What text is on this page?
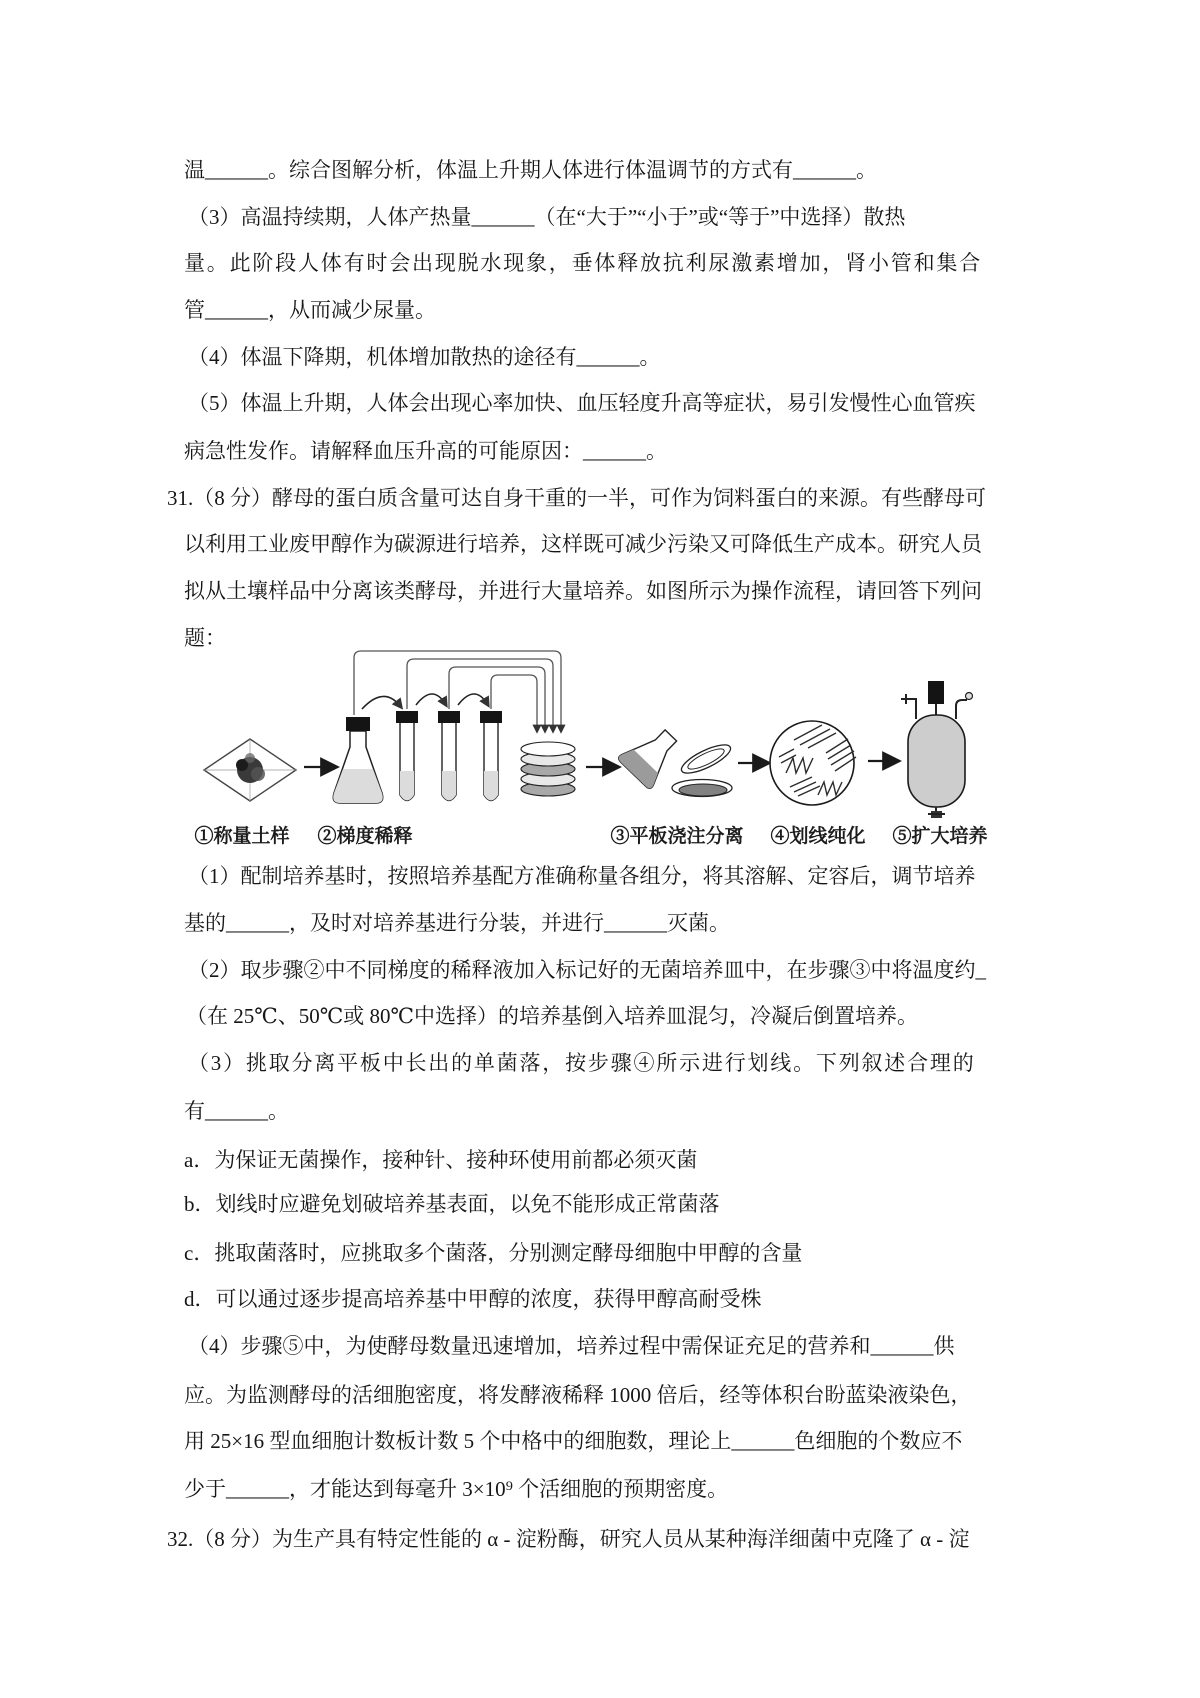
温______。综合图解分析，体温上升期人体进行体温调节的方式有______。
（3）高温持续期，人体产热量______（在“大于”“小于”或“等于”中选择）散热
量。此阶段人体有时会出现脱水现象，垂体释放抗利尿激素增加，肾小管和集合
管______，从而减少尿量。
（4）体温下降期，机体增加散热的途径有______。
（5）体温上升期，人体会出现心率加快、血压轻度升高等症状，易引发慢性心血管疾
病急性发作。请解释血压升高的可能原因：______。
31.（8 分）酵母的蛋白质含量可达自身干重的一半，可作为饲料蛋白的来源。有些酵母可
以利用工业废甲醇作为碳源进行培养，这样既可减少污染又可降低生产成本。研究人员
拟从土壤样品中分离该类酵母，并进行大量培养。如图所示为操作流程，请回答下列问
题：
①称量土样 ②梯度稀释	③平板浇注分离 ④划线纯化 ⑤扩大培养
（1）配制培养基时，按照培养基配方准确称量各组分，将其溶解、定容后，调节培养
基的______，及时对培养基进行分装，并进行______灭菌。
（2）取步骤②中不同梯度的稀释液加入标记好的无菌培养皿中，在步骤③中将温度约_
（在 25℃、50℃或 80℃中选择）的培养基倒入培养皿混匀，冷凝后倒置培养。
（3）挑取分离平板中长出的单菌落，按步骤④所示进行划线。下列叙述合理的
有______。
a．为保证无菌操作，接种针、接种环使用前都必须灭菌
b．划线时应避免划破培养基表面，以免不能形成正常菌落
c．挑取菌落时，应挑取多个菌落，分别测定酵母细胞中甲醇的含量
d．可以通过逐步提高培养基中甲醇的浓度，获得甲醇高耐受株
（4）步骤⑤中，为使酵母数量迅速增加，培养过程中需保证充足的营养和______供
应。为监测酵母的活细胞密度，将发酵液稀释 1000 倍后，经等体积台盼蓝染液染色，
用 25×16 型血细胞计数板计数 5 个中格中的细胞数，理论上______色细胞的个数应不
少于______，才能达到每毫升 3×10⁹ 个活细胞的预期密度。
32.（8 分）为生产具有特定性能的 α - 淀粉酶，研究人员从某种海洋细菌中克隆了 α - 淀
